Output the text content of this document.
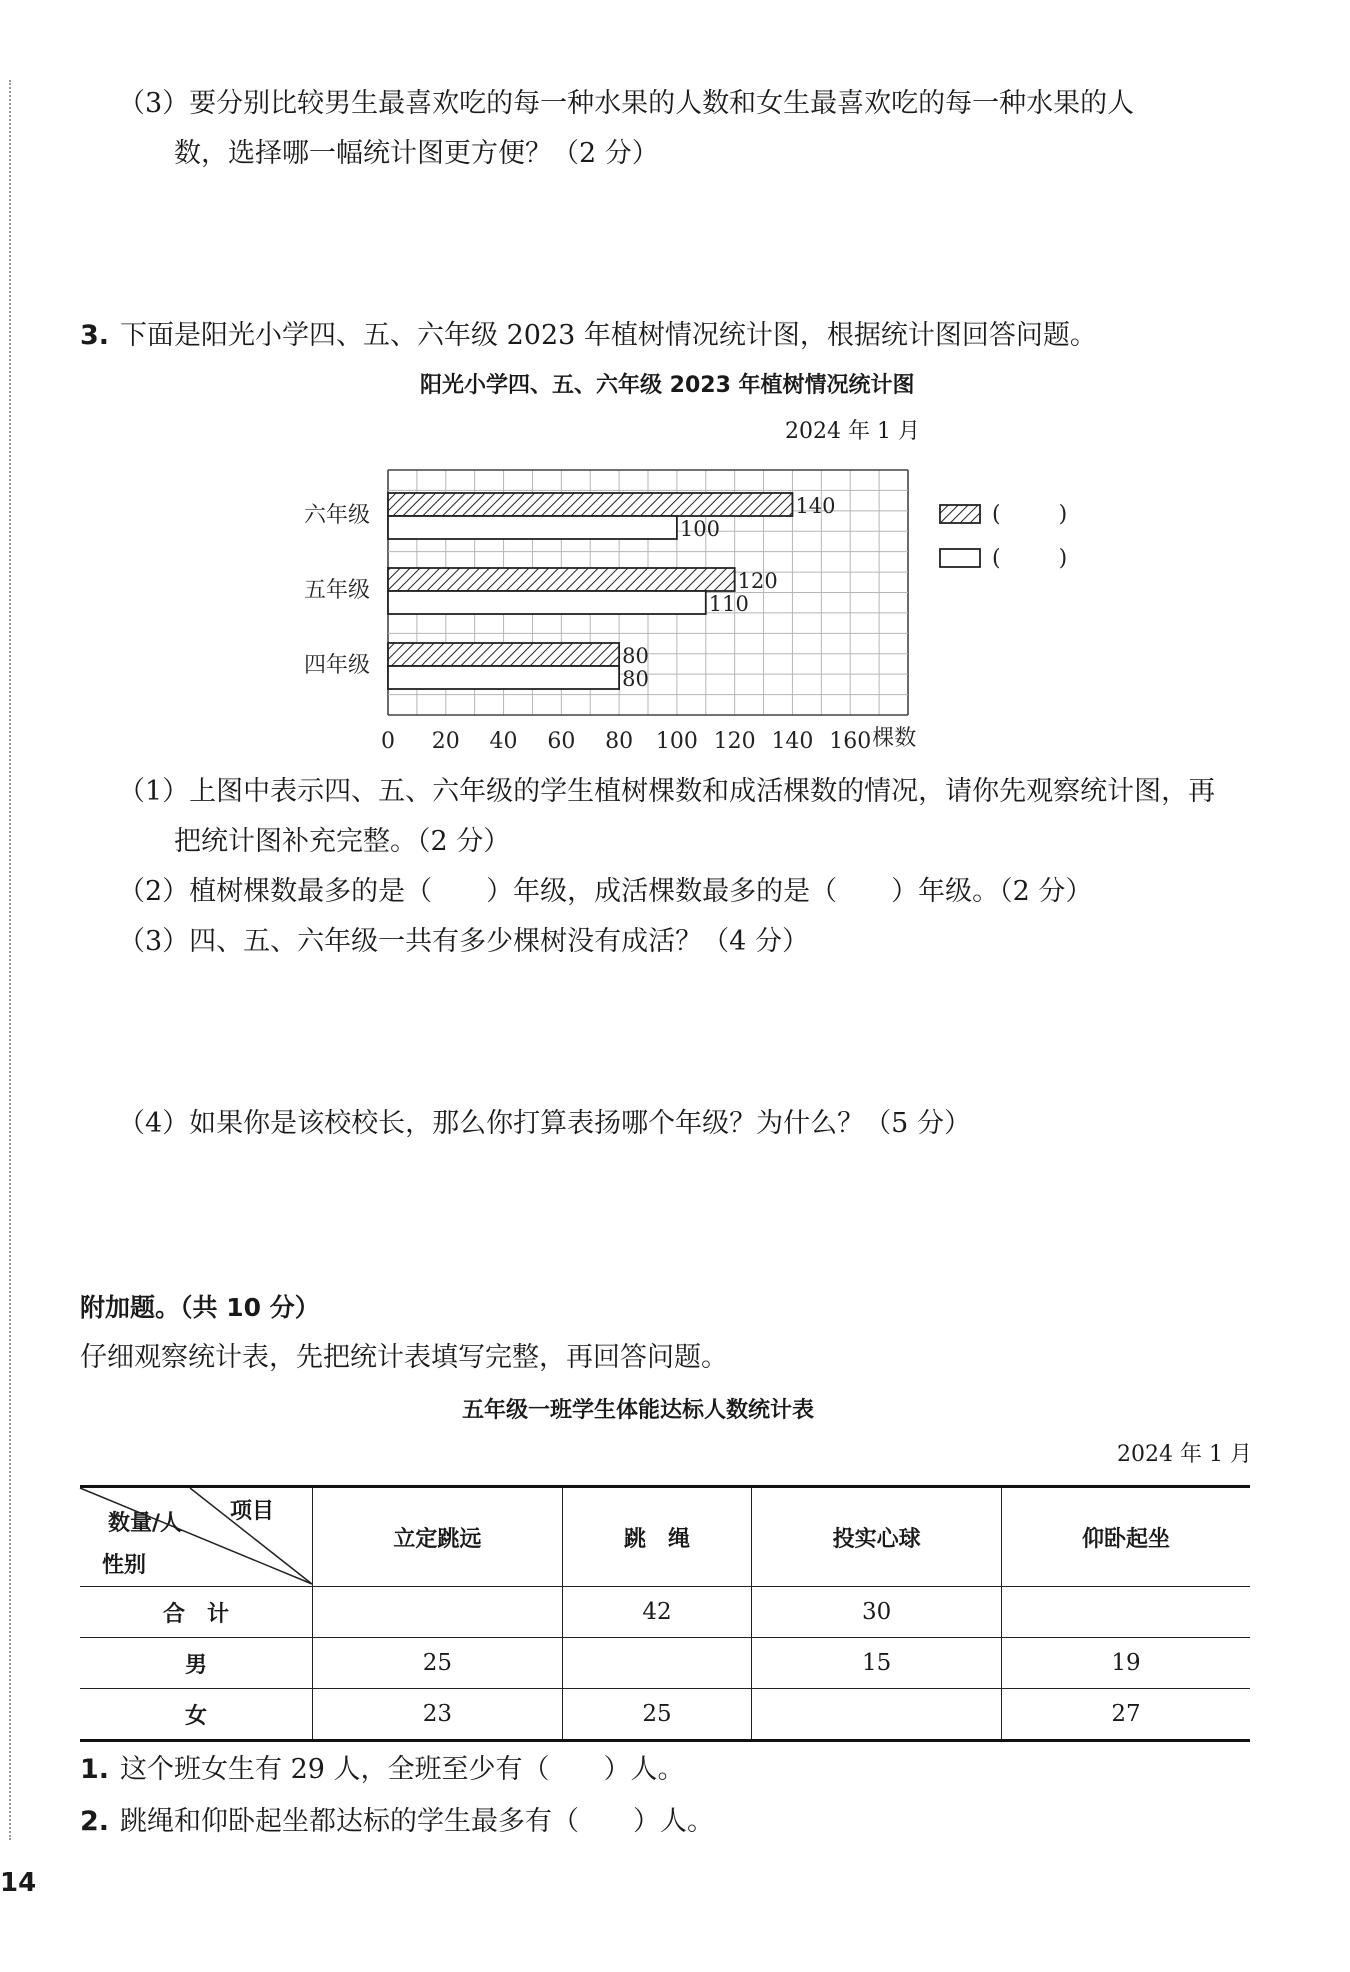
（3）要分别比较男生最喜欢吃的每一种水果的人数和女生最喜欢吃的每一种水果的人
数，选择哪一幅统计图更方便？（2 分）
3. 下面是阳光小学四、五、六年级 2023 年植树情况统计图，根据统计图回答问题。
140
100
120
110
80
80
0 20 40 60 80 100 120 140 160 棵数
六年级
五年级
四年级
( 　　 )
( 　　 )
阳光小学四、五、六年级 2023 年植树情况统计图
2024 年 1 月
（1）上图中表示四、五、六年级的学生植树棵数和成活棵数的情况，请你先观察统计图，再
把统计图补充完整。（2 分）
（2）植树棵数最多的是（　　）年级，成活棵数最多的是（　　）年级。（2 分）
（3）四、五、六年级一共有多少棵树没有成活？（4 分）
（4）如果你是该校校长，那么你打算表扬哪个年级？为什么？（5 分）
附加题。（共 10 分）
仔细观察统计表，先把统计表填写完整，再回答问题。
五年级一班学生体能达标人数统计表
2024 年 1 月
项目
数量/人
性别	立定跳远	跳　绳	投实心球	仰卧起坐
合　计		42	30	
男	25		15	19
女	23	25		27
1. 这个班女生有 29 人，全班至少有（　　）人。
2. 跳绳和仰卧起坐都达标的学生最多有（　　）人。
14
